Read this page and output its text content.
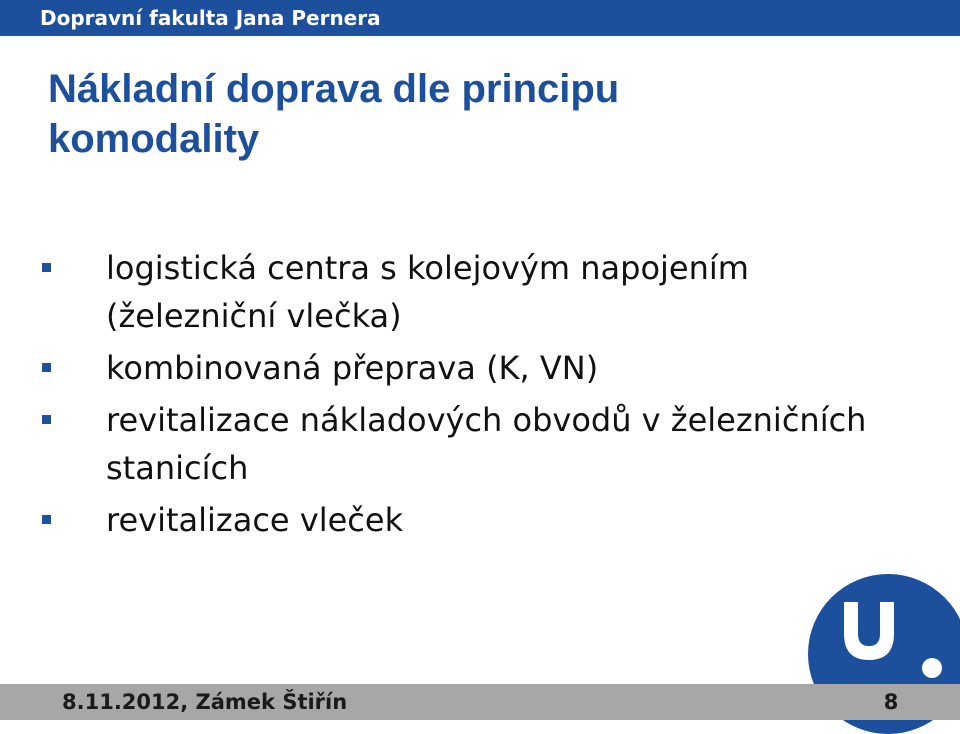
Dopravní fakulta Jana Pernera
Nákladní doprava dle principu
komodality
logistická centra s kolejovým napojením (železniční vlečka)
kombinovaná přeprava (K, VN)
revitalizace nákladových obvodů v železničních stanicích
revitalizace vleček
8.11.2012, Zámek Štiřín	8
